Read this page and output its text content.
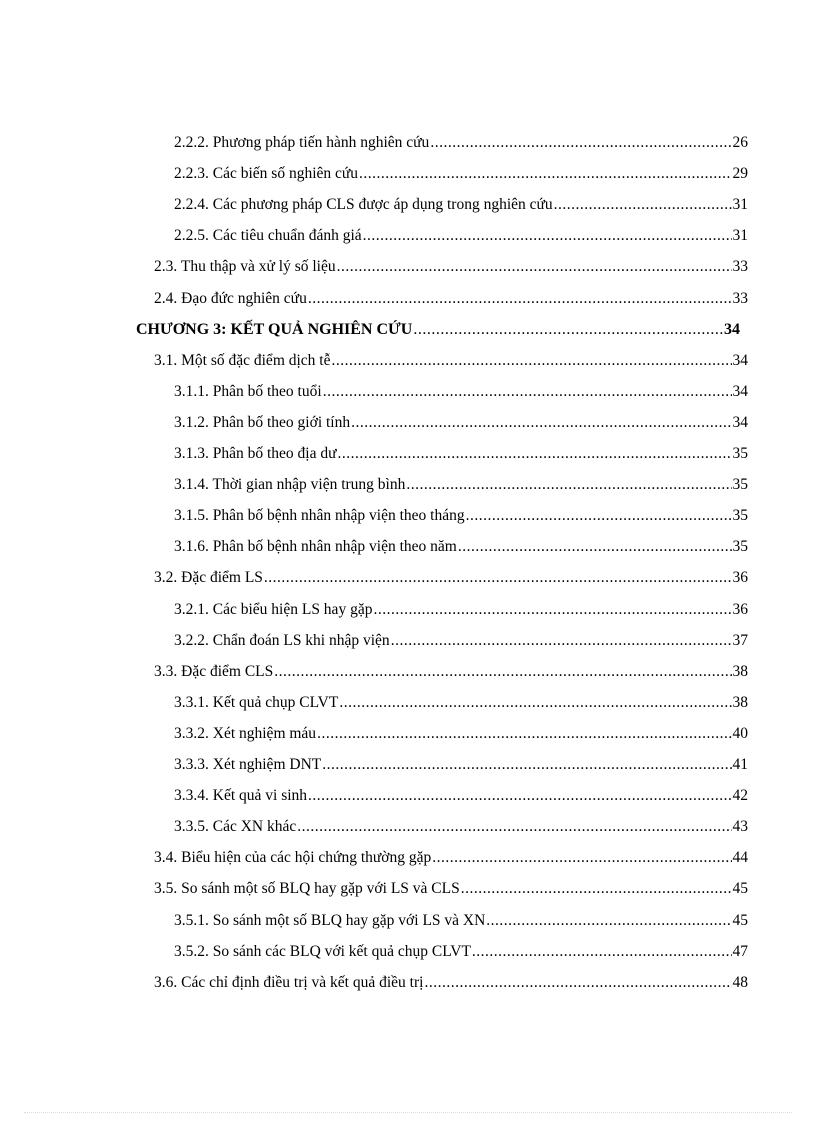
2.2.2. Phương pháp tiến hành nghiên cứu .....	26
2.2.3. Các biến số nghiên cứu .....	29
2.2.4. Các phương pháp CLS được áp dụng trong nghiên cứu .....	31
2.2.5. Các tiêu chuẩn đánh giá .....	31
2.3. Thu thập và xử lý số liệu .....	33
2.4. Đạo đức nghiên cứu .....	33
CHƯƠNG 3: KẾT QUẢ NGHIÊN CỨU .....	34
3.1. Một số đặc điểm dịch tễ .....	34
3.1.1. Phân bố theo tuổi .....	34
3.1.2. Phân bố theo giới tính .....	34
3.1.3. Phân bố theo địa dư .....	35
3.1.4. Thời gian nhập viện trung bình .....	35
3.1.5. Phân bố bệnh nhân nhập viện theo tháng .....	35
3.1.6. Phân bố bệnh nhân nhập viện theo năm .....	35
3.2. Đặc điểm LS .....	36
3.2.1. Các biểu hiện LS hay gặp .....	36
3.2.2. Chẩn đoán LS khi nhập viện .....	37
3.3. Đặc điểm CLS .....	38
3.3.1. Kết quả chụp CLVT .....	38
3.3.2. Xét nghiệm máu .....	40
3.3.3. Xét nghiệm DNT .....	41
3.3.4. Kết quả vi sinh .....	42
3.3.5. Các XN khác .....	43
3.4. Biểu hiện của các hội chứng thường gặp .....	44
3.5. So sánh một số BLQ hay gặp với LS và CLS .....	45
3.5.1. So sánh một số BLQ hay gặp với LS và XN .....	45
3.5.2. So sánh các BLQ với kết quả chụp CLVT .....	47
3.6. Các chỉ định điều trị và kết quả điều trị .....	48
